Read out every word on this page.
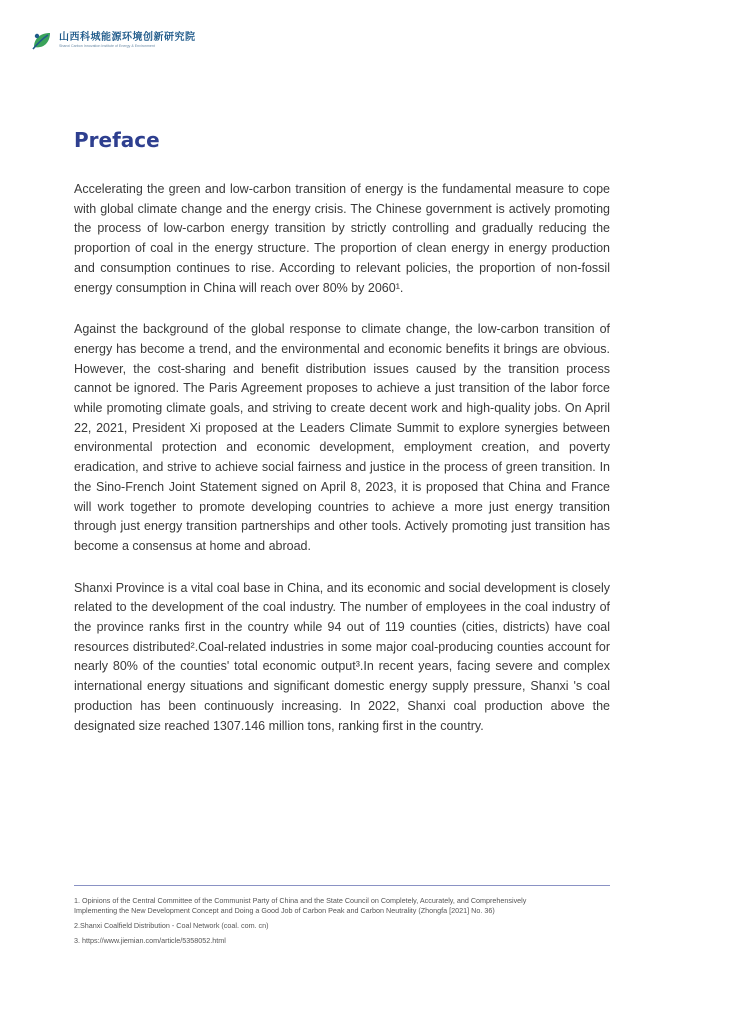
山西科城能源环境创新研究院
Shanxi Carbon Innovation Institute of Energy & Environment
Preface

Accelerating the green and low-carbon transition of energy is the fundamental measure to cope with global climate change and the energy crisis. The Chinese government is actively promoting the process of low-carbon energy transition by strictly controlling and gradually reducing the proportion of coal in the energy structure. The proportion of clean energy in energy production and consumption continues to rise. According to relevant policies, the proportion of non-fossil energy consumption in China will reach over 80% by 2060¹.

Against the background of the global response to climate change, the low-carbon transition of energy has become a trend, and the environmental and economic benefits it brings are obvious. However, the cost-sharing and benefit distribution issues caused by the transition process cannot be ignored. The Paris Agreement proposes to achieve a just transition of the labor force while promoting climate goals, and striving to create decent work and high-quality jobs. On April 22, 2021, President Xi proposed at the Leaders Climate Summit to explore synergies between environmental protection and economic development, employment creation, and poverty eradication, and strive to achieve social fairness and justice in the process of green transition. In the Sino-French Joint Statement signed on April 8, 2023, it is proposed that China and France will work together to promote developing countries to achieve a more just energy transition through just energy transition partnerships and other tools. Actively promoting just transition has become a consensus at home and abroad.

Shanxi Province is a vital coal base in China, and its economic and social development is closely related to the development of the coal industry. The number of employees in the coal industry of the province ranks first in the country while 94 out of 119 counties (cities, districts) have coal resources distributed².Coal-related industries in some major coal-producing counties account for nearly 80% of the counties' total economic output³.In recent years, facing severe and complex international energy situations and significant domestic energy supply pressure, Shanxi 's coal production has been continuously increasing. In 2022, Shanxi coal production above the designated size reached 1307.146 million tons, ranking first in the country.

1. Opinions of the Central Committee of the Communist Party of China and the State Council on Completely, Accurately, and Comprehensively Implementing the New Development Concept and Doing a Good Job of Carbon Peak and Carbon Neutrality (Zhongfa [2021] No. 36)

2.Shanxi Coalfield Distribution - Coal Network (coal. com. cn)

3. https://www.jiemian.com/article/5358052.html
